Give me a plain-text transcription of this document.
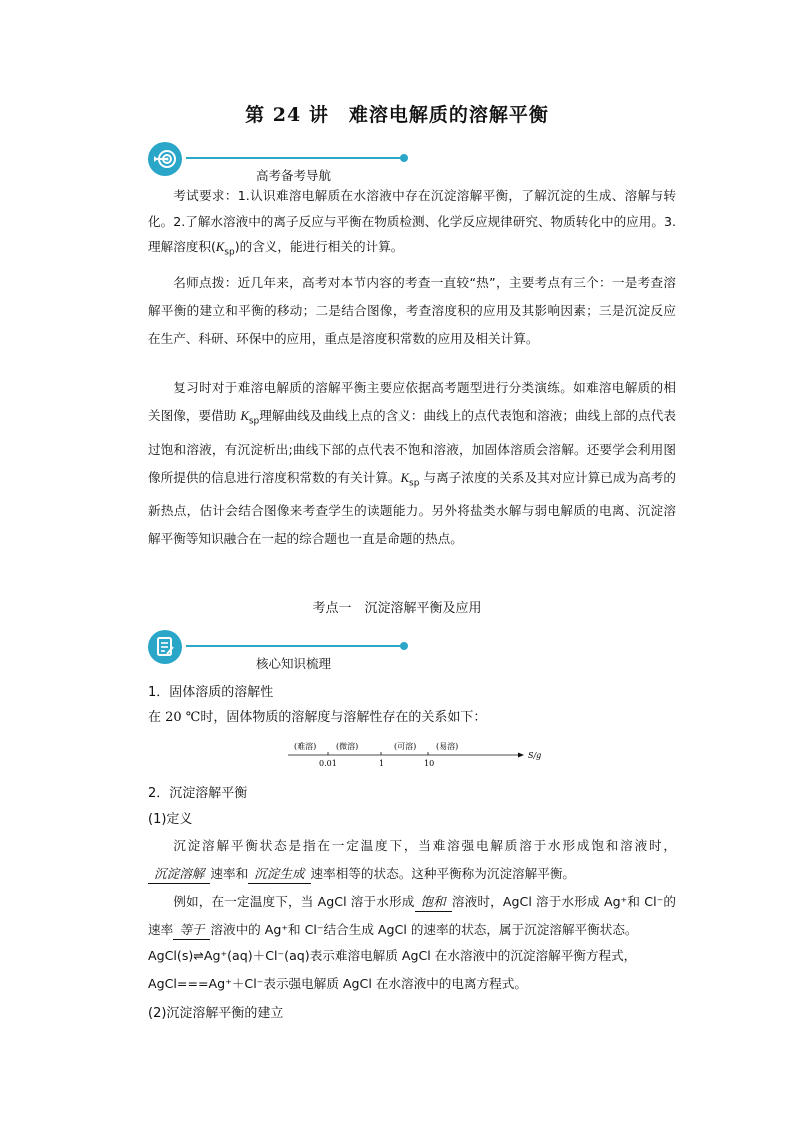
第 24 讲　难溶电解质的溶解平衡
高考备考导航
考试要求：1.认识难溶电解质在水溶液中存在沉淀溶解平衡，了解沉淀的生成、溶解与转化。2.了解水溶液中的离子反应与平衡在物质检测、化学反应规律研究、物质转化中的应用。3.理解溶度积$(K_{sp})$的含义，能进行相关的计算。
名师点拨：近几年来，高考对本节内容的考查一直较“热”，主要考点有三个：一是考查溶解平衡的建立和平衡的移动；二是结合图像，考查溶度积的应用及其影响因素；三是沉淀反应在生产、科研、环保中的应用，重点是溶度积常数的应用及相关计算。
复习时对于难溶电解质的溶解平衡主要应依据高考题型进行分类演练。如难溶电解质的相关图像，要借助 $K_{sp}$理解曲线及曲线上点的含义：曲线上的点代表饱和溶液；曲线上部的点代表过饱和溶液，有沉淀析出;曲线下部的点代表不饱和溶液，加固体溶质会溶解。还要学会利用图像所提供的信息进行溶度积常数的有关计算。$K_{sp}$ 与离子浓度的关系及其对应计算已成为高考的新热点，估计会结合图像来考查学生的读题能力。另外将盐类水解与弱电解质的电离、沉淀溶解平衡等知识融合在一起的综合题也一直是命题的热点。
考点一　沉淀溶解平衡及应用
核心知识梳理
1．固体溶质的溶解性
在 20 ℃时，固体物质的溶解度与溶解性存在的关系如下：
(难溶) (微溶)	(可溶) (易溶)
0.01	1	10
S/g
2．沉淀溶解平衡
(1)定义
沉淀溶解平衡状态是指在一定温度下，当难溶强电解质溶于水形成饱和溶液时，沉淀溶解 速率和 沉淀生成 速率相等的状态。这种平衡称为沉淀溶解平衡。
例如，在一定温度下，当 AgCl 溶于水形成 饱和 溶液时，AgCl 溶于水形成 Ag⁺和 Cl⁻的速率 等于 溶液中的 Ag⁺和 Cl⁻结合生成 AgCl 的速率的状态，属于沉淀溶解平衡状态。
AgCl(s)⇌Ag⁺(aq)＋Cl⁻(aq)表示难溶电解质 AgCl 在水溶液中的沉淀溶解平衡方程式，
AgCl===Ag⁺＋Cl⁻表示强电解质 AgCl 在水溶液中的电离方程式。
(2)沉淀溶解平衡的建立
